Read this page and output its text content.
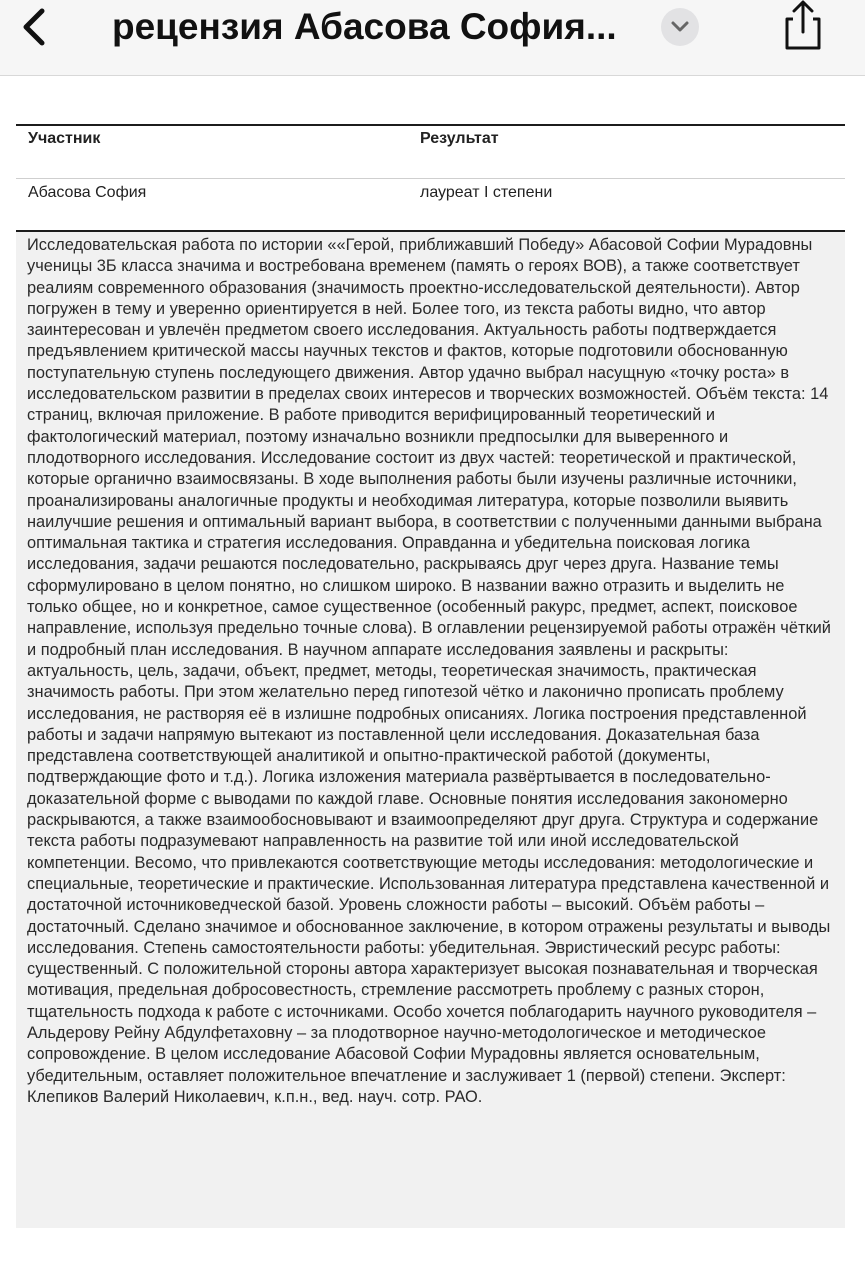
рецензия Абасова София...
Участник	Результат
Абасова София	лауреат I степени
Исследовательская работа по истории ««Герой, приближавший Победу» Абасовой Софии Мурадовны ученицы 3Б класса значима и востребована временем (память о героях ВОВ), а также соответствует реалиям современного образования (значимость проектно-исследовательской деятельности). Автор погружен в тему и уверенно ориентируется в ней. Более того, из текста работы видно, что автор заинтересован и увлечён предметом своего исследования. Актуальность работы подтверждается предъявлением критической массы научных текстов и фактов, которые подготовили обоснованную поступательную ступень последующего движения. Автор удачно выбрал насущную «точку роста» в исследовательском развитии в пределах своих интересов и творческих возможностей. Объём текста: 14 страниц, включая приложение. В работе приводится верифицированный теоретический и фактологический материал, поэтому изначально возникли предпосылки для выверенного и плодотворного исследования. Исследование состоит из двух частей: теоретической и практической, которые органично взаимосвязаны. В ходе выполнения работы были изучены различные источники, проанализированы аналогичные продукты и необходимая литература, которые позволили выявить наилучшие решения и оптимальный вариант выбора, в соответствии с полученными данными выбрана оптимальная тактика и стратегия исследования. Оправданна и убедительна поисковая логика исследования, задачи решаются последовательно, раскрываясь друг через друга. Название темы сформулировано в целом понятно, но слишком широко. В названии важно отразить и выделить не только общее, но и конкретное, самое существенное (особенный ракурс, предмет, аспект, поисковое направление, используя предельно точные слова). В оглавлении рецензируемой работы отражён чёткий и подробный план исследования. В научном аппарате исследования заявлены и раскрыты: актуальность, цель, задачи, объект, предмет, методы, теоретическая значимость, практическая значимость работы. При этом желательно перед гипотезой чётко и лаконично прописать проблему исследования, не растворяя её в излишне подробных описаниях. Логика построения представленной работы и задачи напрямую вытекают из поставленной цели исследования. Доказательная база представлена соответствующей аналитикой и опытно-практической работой (документы, подтверждающие фото и т.д.). Логика изложения материала развёртывается в последовательно-доказательной форме с выводами по каждой главе. Основные понятия исследования закономерно раскрываются, а также взаимообосновывают и взаимоопределяют друг друга. Структура и содержание текста работы подразумевают направленность на развитие той или иной исследовательской компетенции. Весомо, что привлекаются соответствующие методы исследования: методологические и специальные, теоретические и практические. Использованная литература представлена качественной и достаточной источниковедческой базой. Уровень сложности работы – высокий. Объём работы – достаточный. Сделано значимое и обоснованное заключение, в котором отражены результаты и выводы исследования. Степень самостоятельности работы: убедительная. Эвристический ресурс работы: существенный. С положительной стороны автора характеризует высокая познавательная и творческая мотивация, предельная добросовестность, стремление рассмотреть проблему с разных сторон, тщательность подхода к работе с источниками. Особо хочется поблагодарить научного руководителя – Альдерову Рейну Абдулфетаховну – за плодотворное научно-методологическое и методическое сопровождение. В целом исследование Абасовой Софии Мурадовны является основательным, убедительным, оставляет положительное впечатление и заслуживает 1 (первой) степени. Эксперт: Клепиков Валерий Николаевич, к.п.н., вед. науч. сотр. РАО.
